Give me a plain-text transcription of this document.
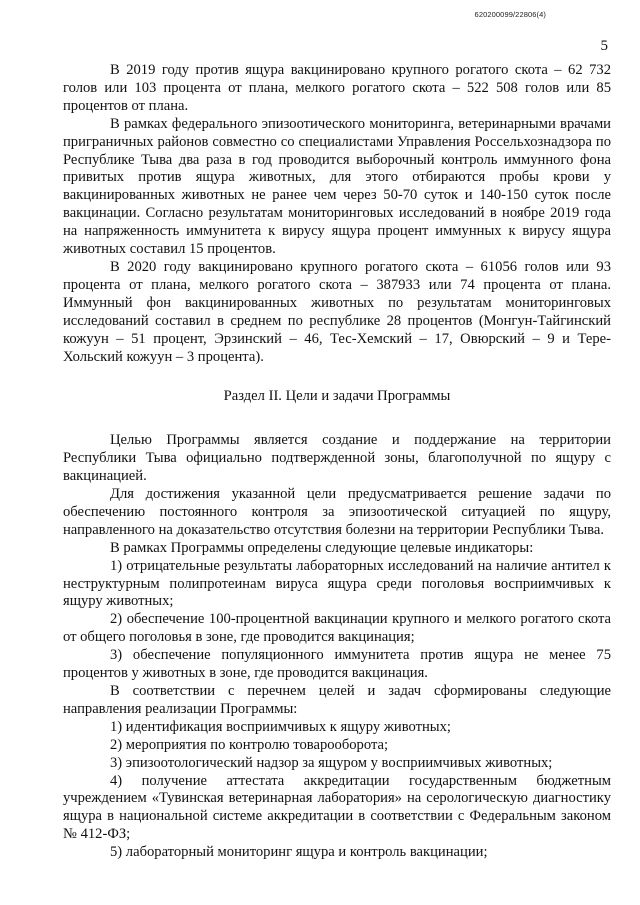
620200099/22806(4)
5

В 2019 году против ящура вакцинировано крупного рогатого скота – 62 732 голов или 103 процента от плана, мелкого рогатого скота – 522 508 голов или 85 процентов от плана.

В рамках федерального эпизоотического мониторинга, ветеринарными врачами приграничных районов совместно со специалистами Управления Россельхознадзора по Республике Тыва два раза в год проводится выборочный контроль иммунного фона привитых против ящура животных, для этого отбираются пробы крови у вакцинированных животных не ранее чем через 50-70 суток и 140-150 суток после вакцинации. Согласно результатам мониторинговых исследований в ноябре 2019 года на напряженность иммунитета к вирусу ящура процент иммунных к вирусу ящура животных составил 15 процентов.

В 2020 году вакцинировано крупного рогатого скота – 61056 голов или 93 процента от плана, мелкого рогатого скота – 387933 или 74 процента от плана. Иммунный фон вакцинированных животных по результатам мониторинговых исследований составил в среднем по республике 28 процентов (Монгун-Тайгинский кожуун – 51 процент, Эрзинский – 46, Тес-Хемский – 17, Овюрский – 9 и Тере-Хольский кожуун – 3 процента).

Раздел II. Цели и задачи Программы

Целью Программы является создание и поддержание на территории Республики Тыва официально подтвержденной зоны, благополучной по ящуру с вакцинацией.

Для достижения указанной цели предусматривается решение задачи по обеспечению постоянного контроля за эпизоотической ситуацией по ящуру, направленного на доказательство отсутствия болезни на территории Республики Тыва.

В рамках Программы определены следующие целевые индикаторы:

1) отрицательные результаты лабораторных исследований на наличие антител к неструктурным полипротеинам вируса ящура среди поголовья восприимчивых к ящуру животных;

2) обеспечение 100-процентной вакцинации крупного и мелкого рогатого скота от общего поголовья в зоне, где проводится вакцинация;

3) обеспечение популяционного иммунитета против ящура не менее 75 процентов у животных в зоне, где проводится вакцинация.

В соответствии с перечнем целей и задач сформированы следующие направления реализации Программы:

1) идентификация восприимчивых к ящуру животных;

2) мероприятия по контролю товарооборота;

3) эпизоотологический надзор за ящуром у восприимчивых животных;

4) получение аттестата аккредитации государственным бюджетным учреждением «Тувинская ветеринарная лаборатория» на серологическую диагностику ящура в национальной системе аккредитации в соответствии с Федеральным законом № 412-ФЗ;

5) лабораторный мониторинг ящура и контроль вакцинации;
